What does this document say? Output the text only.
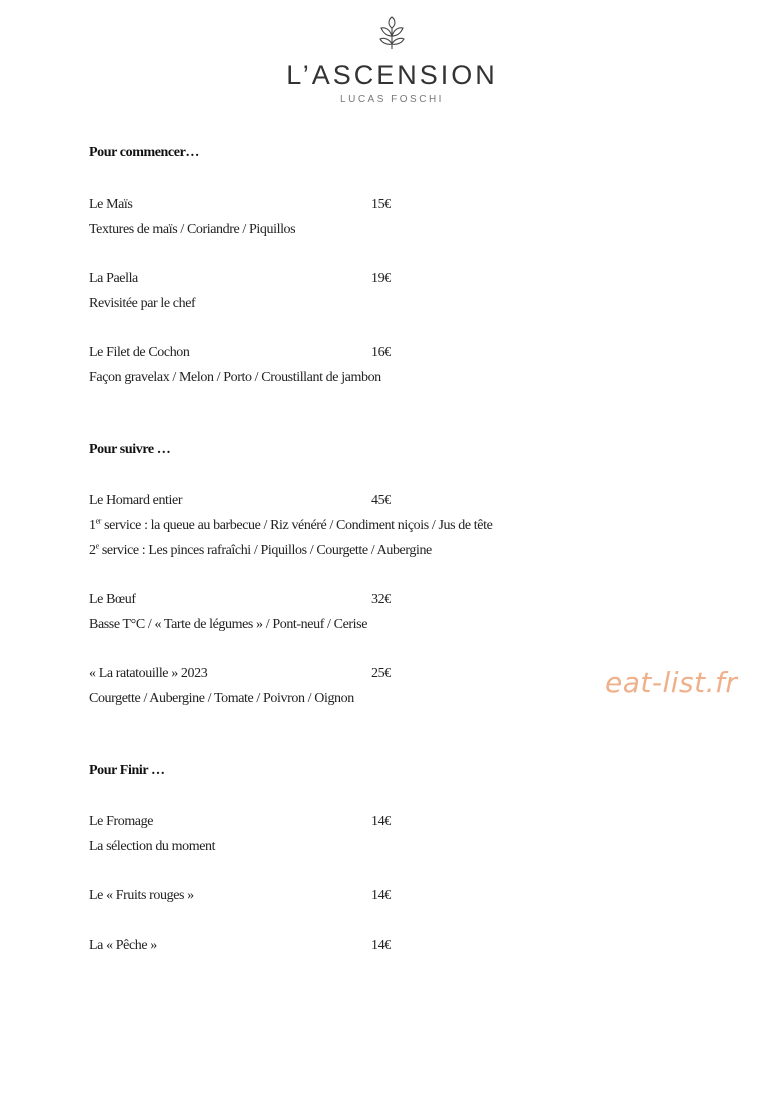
L’ASCENSION
LUCAS FOSCHI
Pour commencer…
Le Maïs	15€
Textures de maïs / Coriandre / Piquillos
La Paella	19€
Revisitée par le chef
Le Filet de Cochon	16€
Façon gravelax / Melon / Porto / Croustillant de jambon
Pour suivre …
Le Homard entier	45€
1er service : la queue au barbecue / Riz vénéré / Condiment niçois / Jus de tête
2e service : Les pinces rafraîchi / Piquillos / Courgette / Aubergine
Le Bœuf	32€
Basse T°C / « Tarte de légumes » / Pont-neuf / Cerise
« La ratatouille » 2023	25€
Courgette / Aubergine / Tomate / Poivron / Oignon
Pour Finir …
Le Fromage	14€
La sélection du moment
Le « Fruits rouges »	14€
La « Pêche »	14€
eat-list.fr
